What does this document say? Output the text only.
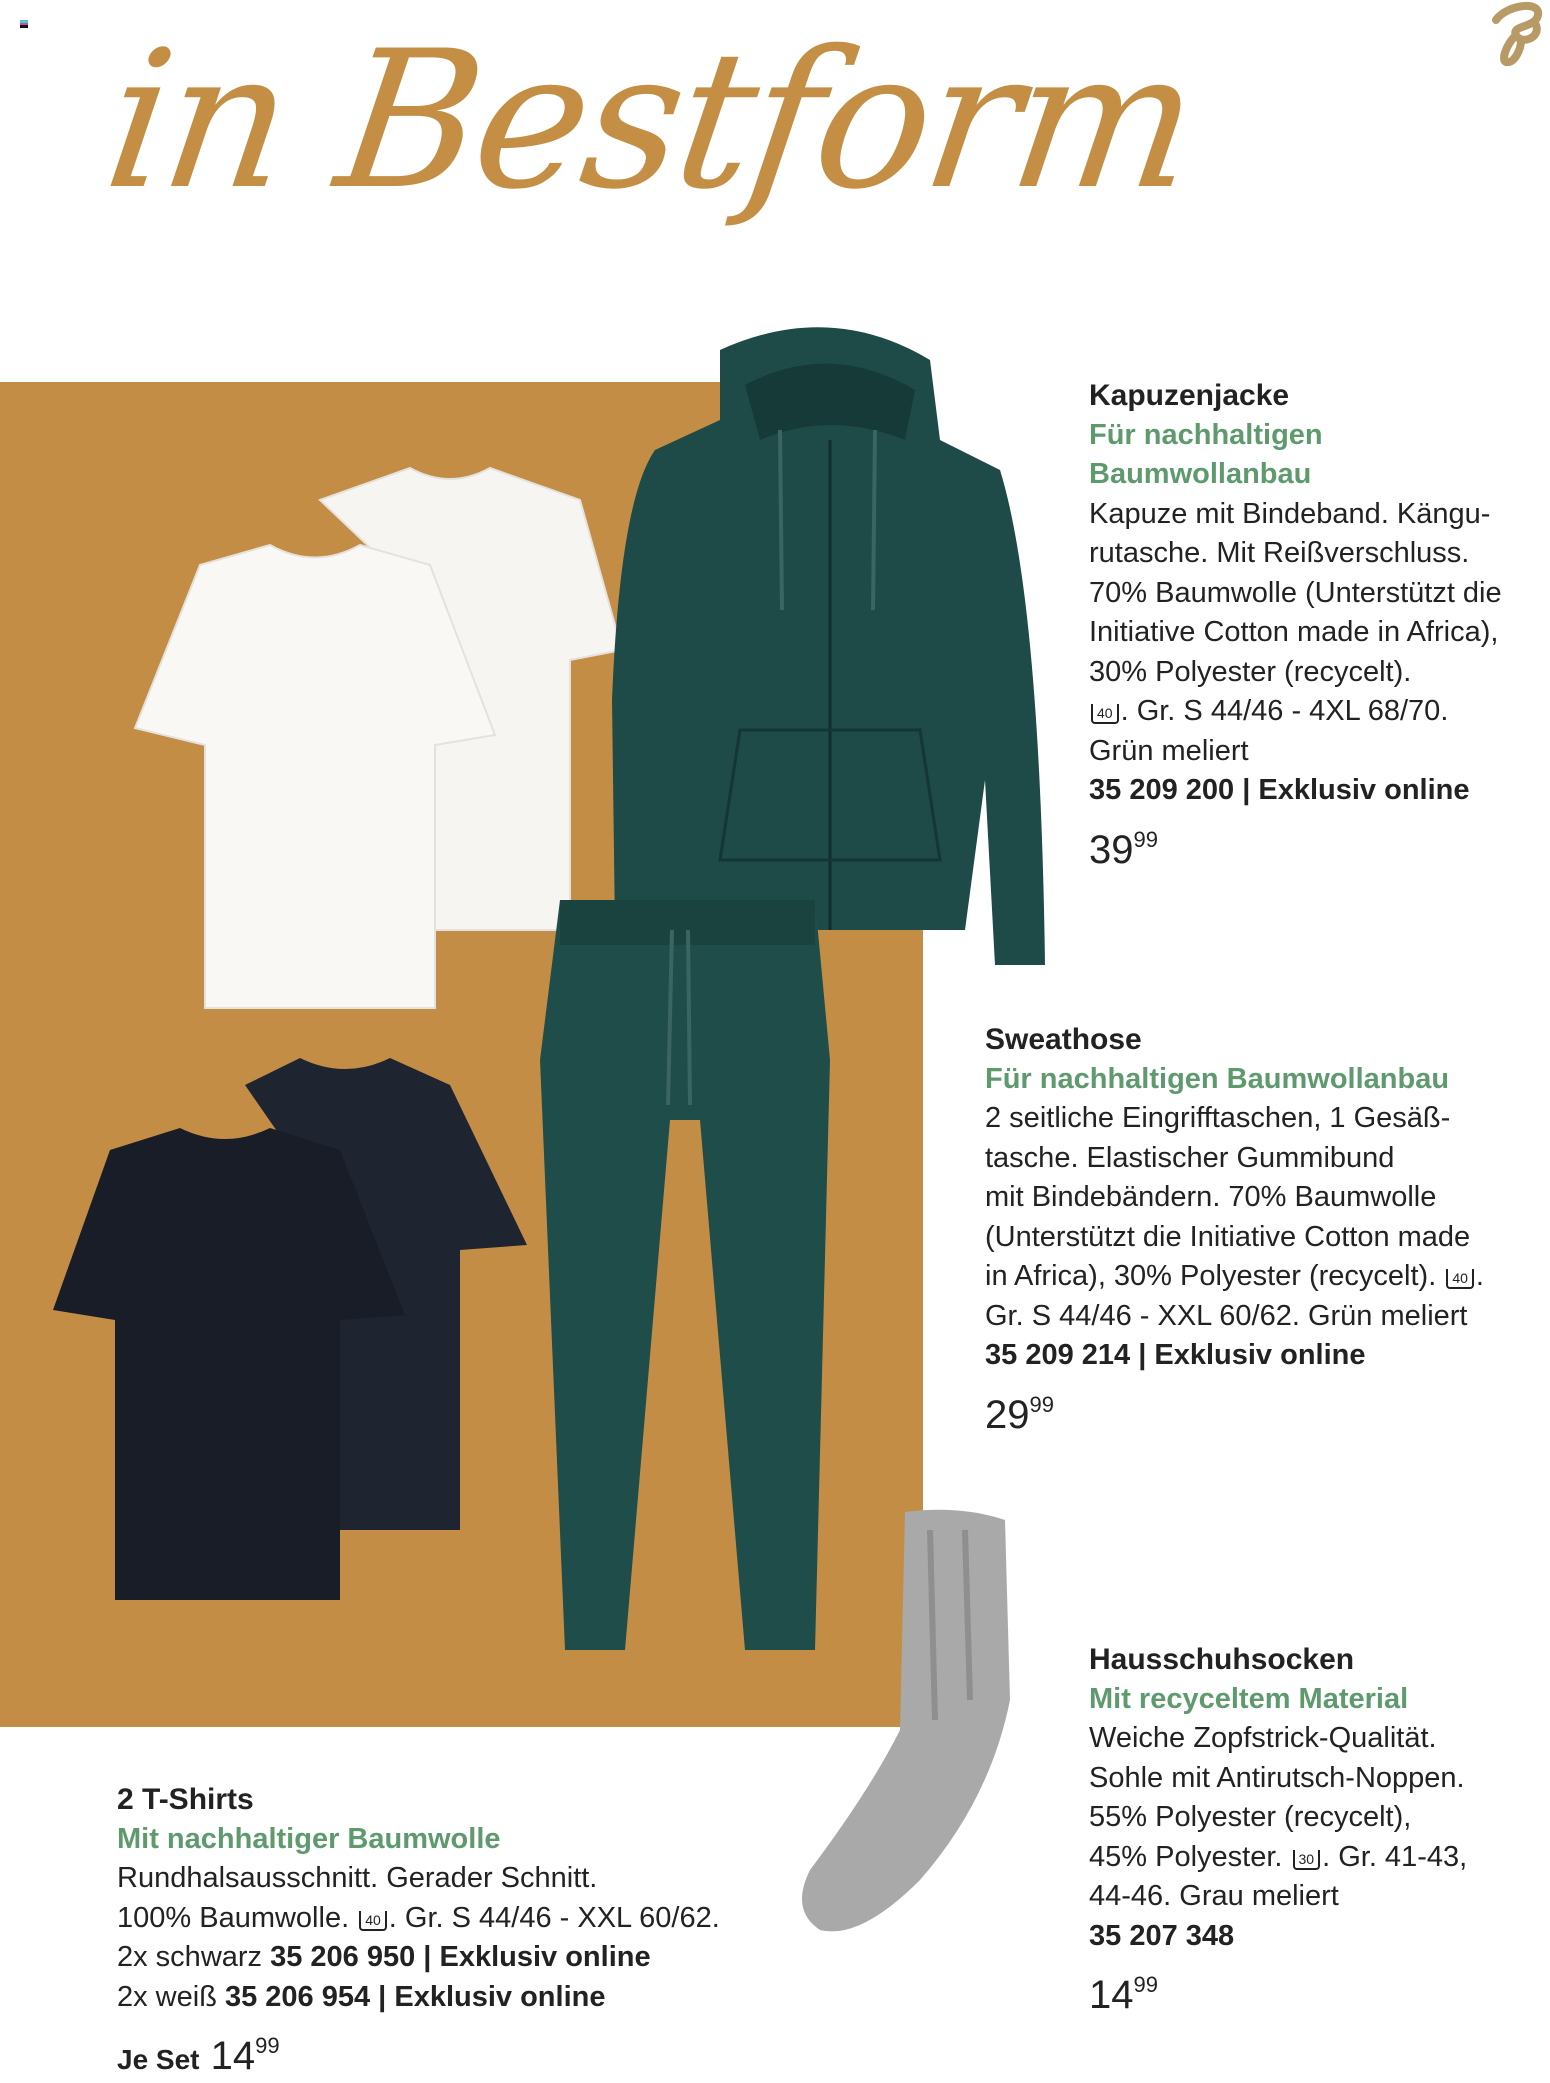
in Bestform
Kapuzenjacke

Für nachhaltigen

Baumwollanbau

Kapuze mit Bindeband. Kängu-

rutasche. Mit Reißverschluss.

70% Baumwolle (Unterstützt die

Initiative Cotton made in Africa),

30% Polyester (recycelt).

40 . Gr. S 44/46 - 4XL 68/70.

Grün meliert

35 209 200 | Exklusiv online

$39^{99}$
Sweathose

Für nachhaltigen Baumwollanbau

2 seitliche Eingrifftaschen, 1 Gesäß-

tasche. Elastischer Gummibund

mit Bindebändern. 70% Baumwolle

(Unterstützt die Initiative Cotton made

in Africa), 30% Polyester (recycelt). 40 .

Gr. S 44/46 - XXL 60/62. Grün meliert

35 209 214 | Exklusiv online

$29^{99}$
Hausschuhsocken

Mit recyceltem Material

Weiche Zopfstrick-Qualität.

Sohle mit Antirutsch-Noppen.

55% Polyester (recycelt),

45% Polyester. 30 . Gr. 41-43,

44-46. Grau meliert

35 207 348

$14^{99}$
2 T-Shirts

Mit nachhaltiger Baumwolle

Rundhalsausschnitt. Gerader Schnitt.

100% Baumwolle. 40 . Gr. S 44/46 - XXL 60/62.

2x schwarz 35 206 950 | Exklusiv online

2x weiß 35 206 954 | Exklusiv online

Je Set $14^{99}$
